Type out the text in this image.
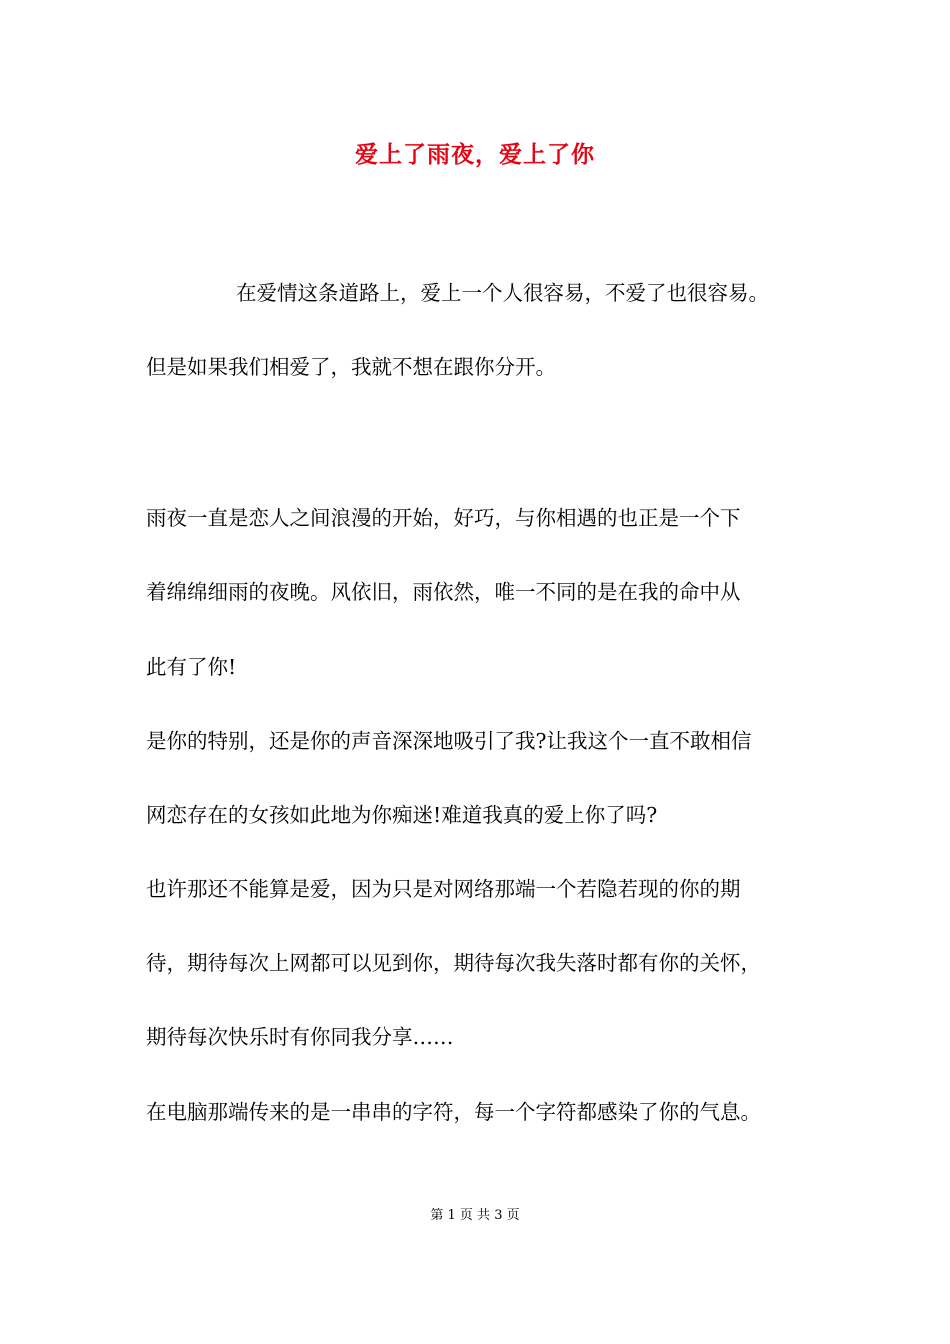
爱上了雨夜，爱上了你
在爱情这条道路上，爱上一个人很容易，不爱了也很容易。
但是如果我们相爱了，我就不想在跟你分开。
雨夜一直是恋人之间浪漫的开始，好巧，与你相遇的也正是一个下
着绵绵细雨的夜晚。风依旧，雨依然，唯一不同的是在我的命中从
此有了你!
是你的特别，还是你的声音深深地吸引了我?让我这个一直不敢相信
网恋存在的女孩如此地为你痴迷!难道我真的爱上你了吗?
也许那还不能算是爱，因为只是对网络那端一个若隐若现的你的期
待，期待每次上网都可以见到你，期待每次我失落时都有你的关怀，
期待每次快乐时有你同我分享……
在电脑那端传来的是一串串的字符，每一个字符都感染了你的气息。
第 1 页 共 3 页
